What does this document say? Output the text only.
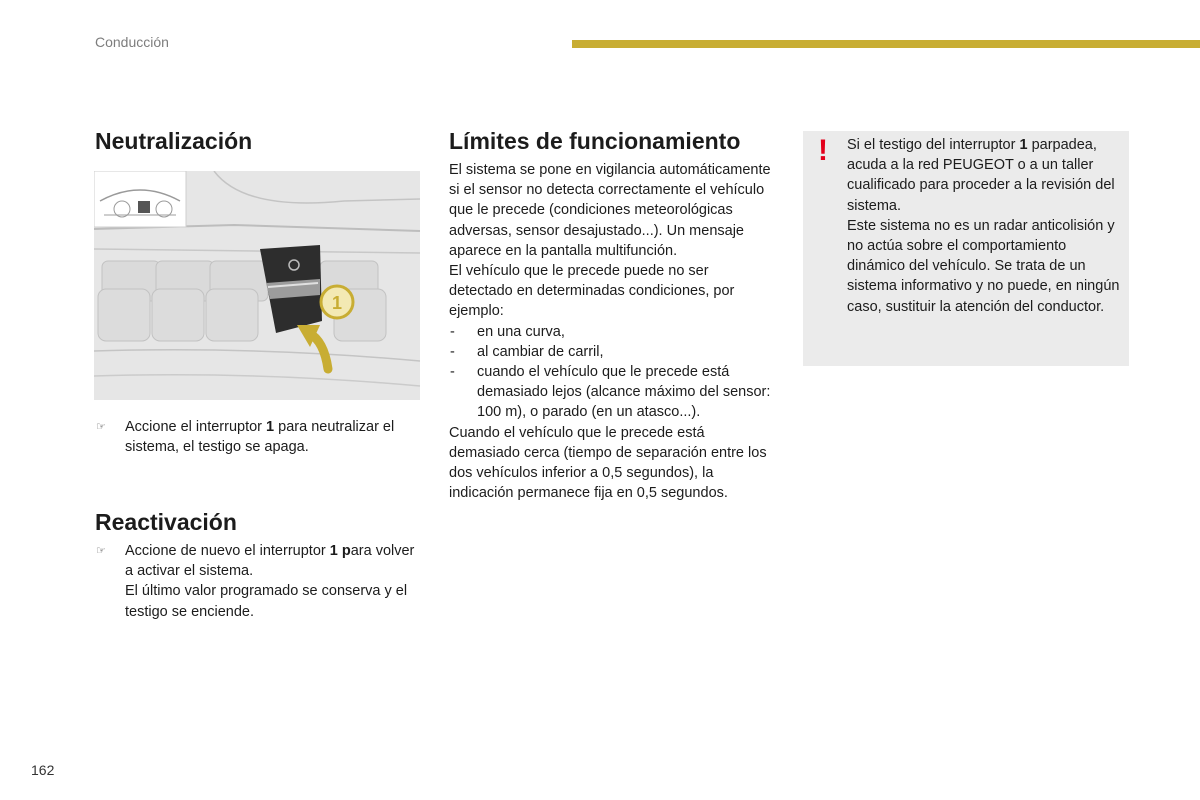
Conducción
Neutralización
1
☞ Accione el interruptor 1 para neutralizar el sistema, el testigo se apaga.

Reactivación
☞ Accione de nuevo el interruptor 1 para volver a activar el sistema.

El último valor programado se conserva y el testigo se enciende.

Límites de funcionamiento

El sistema se pone en vigilancia automáticamente si el sensor no detecta correctamente el vehículo que le precede (condiciones meteorológicas adversas, sensor desajustado...). Un mensaje aparece en la pantalla multifunción.

El vehículo que le precede puede no ser detectado en determinadas condiciones, por ejemplo:

- en una curva,
- al cambiar de carril,
- cuando el vehículo que le precede está demasiado lejos (alcance máximo del sensor: 100 m), o parado (en un atasco...).

Cuando el vehículo que le precede está demasiado cerca (tiempo de separación entre los dos vehículos inferior a 0,5 segundos), la indicación permanece fija en 0,5 segundos.

! Si el testigo del interruptor 1 parpadea, acuda a la red PEUGEOT o a un taller cualificado para proceder a la revisión del sistema.

Este sistema no es un radar anticolisión y no actúa sobre el comportamiento dinámico del vehículo. Se trata de un sistema informativo y no puede, en ningún caso, sustituir la atención del conductor.

162
